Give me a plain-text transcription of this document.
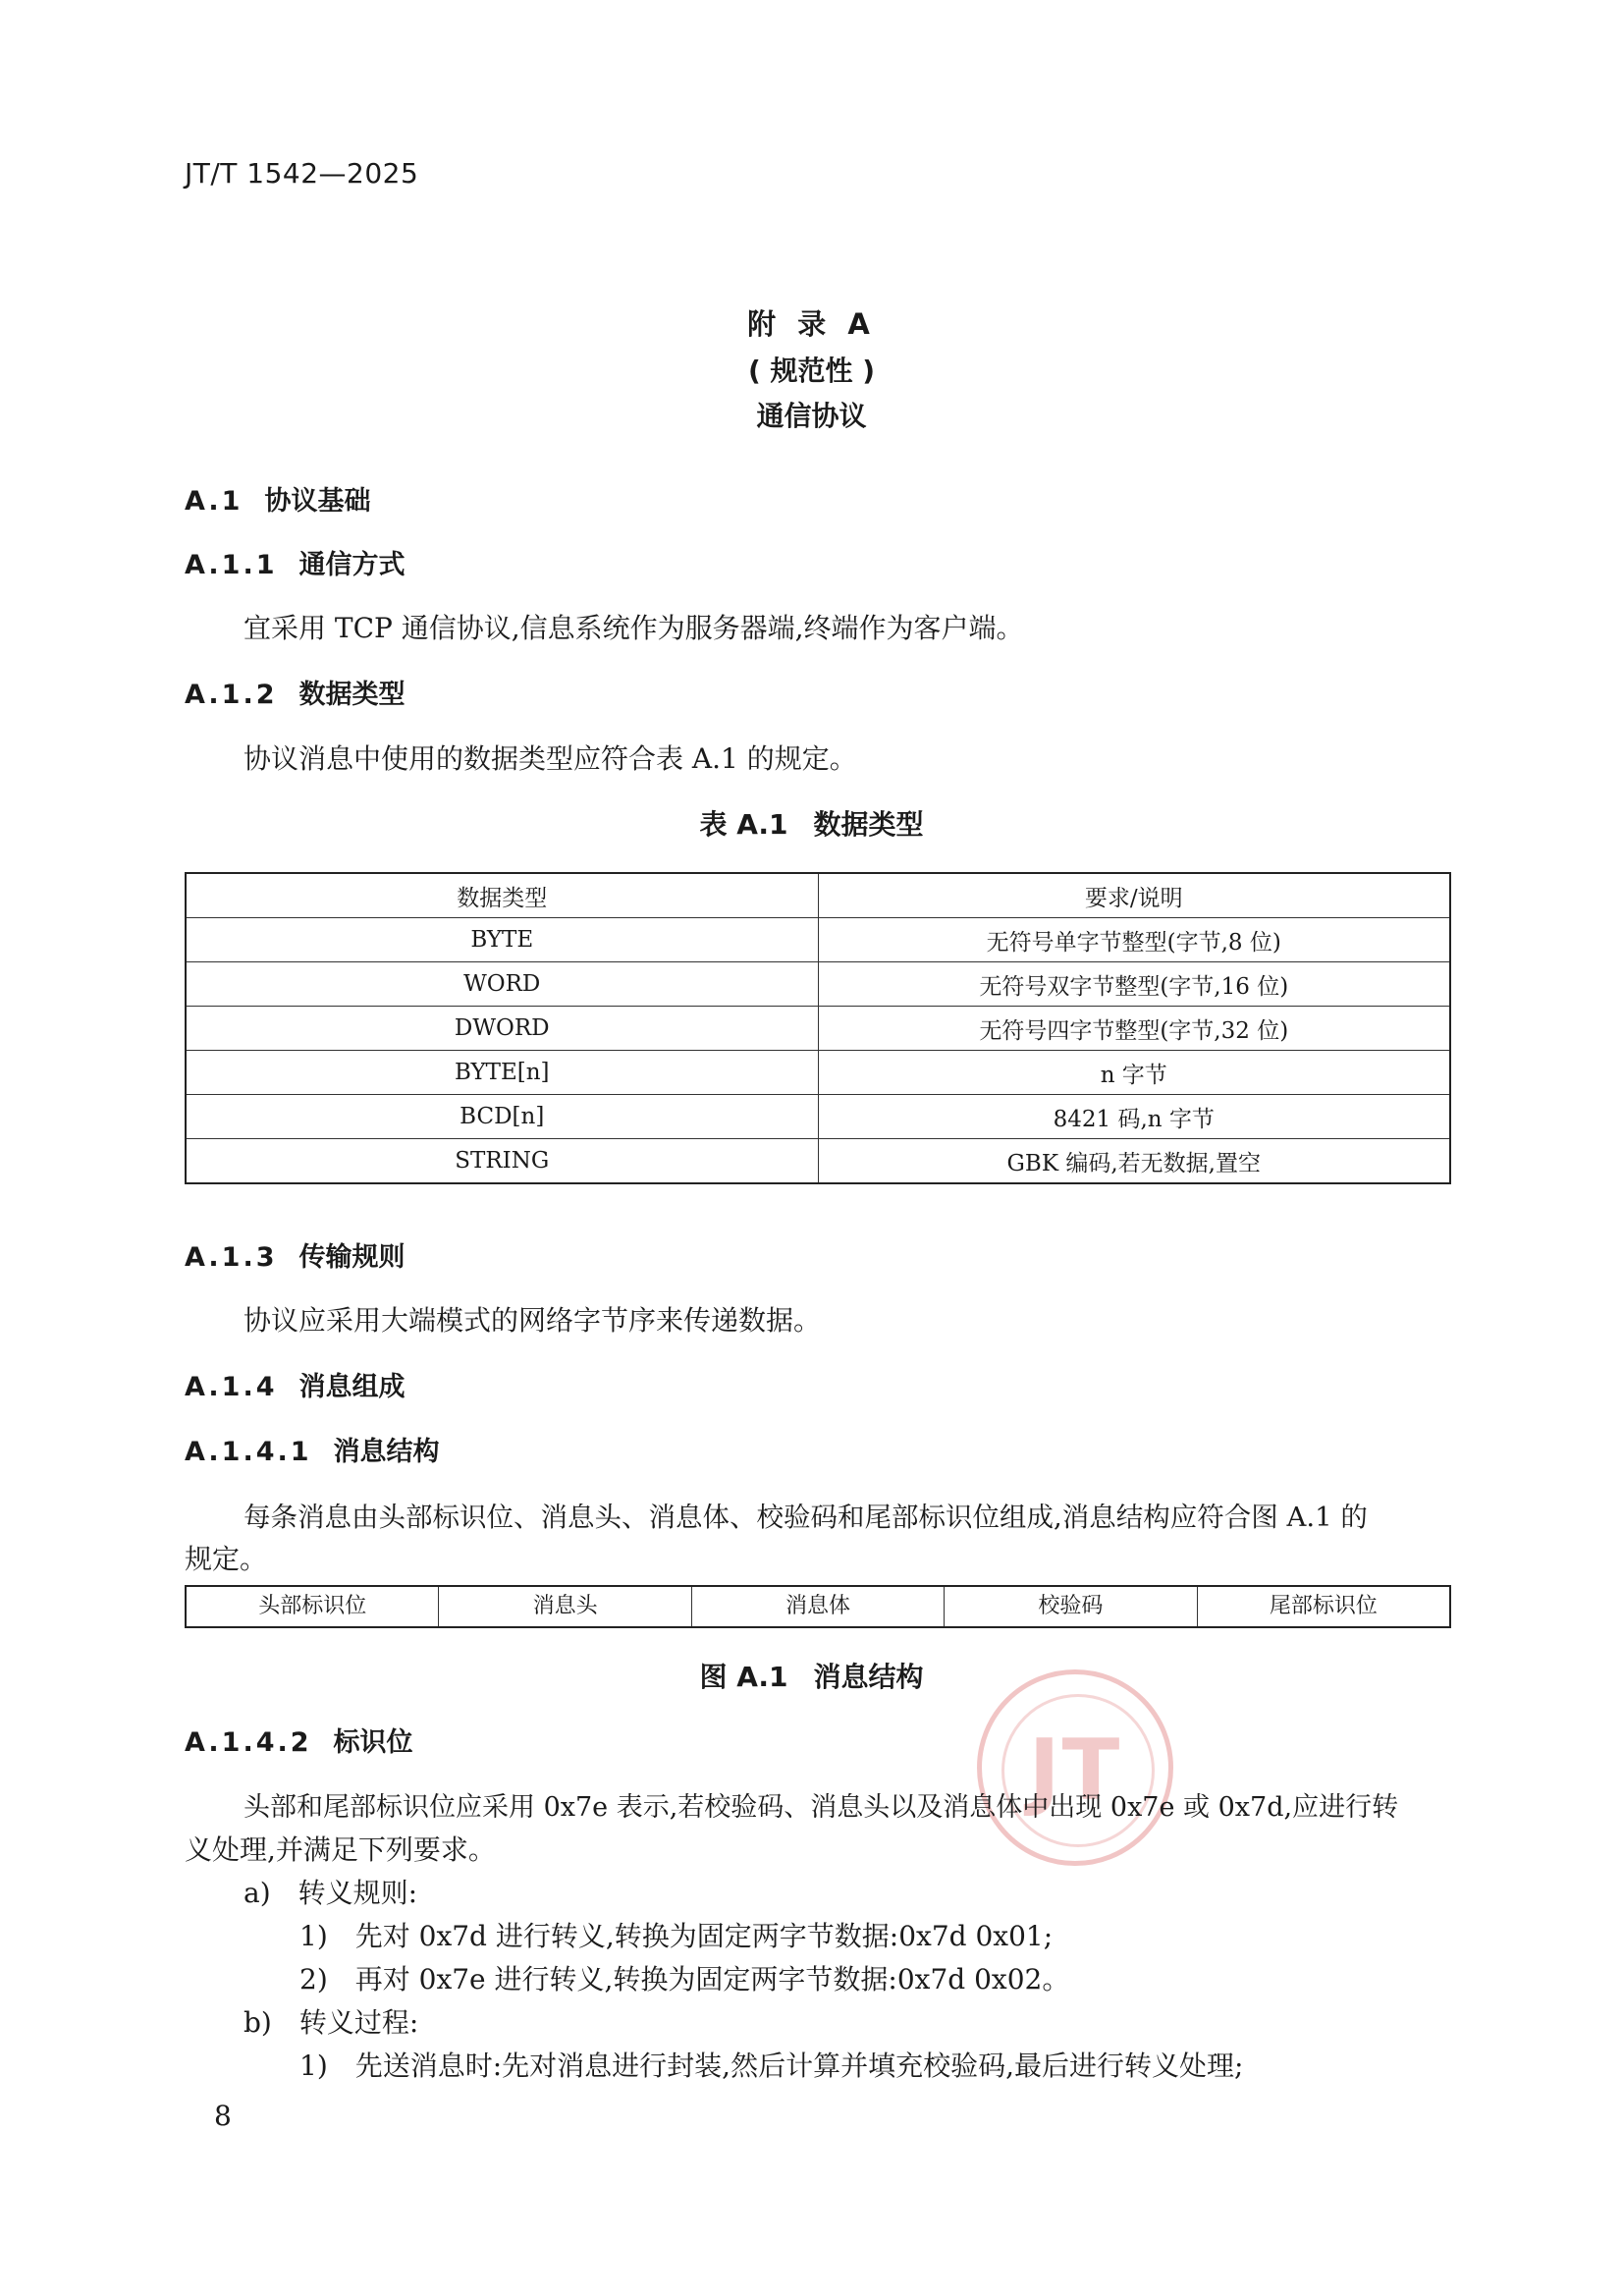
JT/T 1542—2025
附 录 A
( 规范性 )
通信协议
A.1 协议基础
A.1.1 通信方式
宜采用 TCP 通信协议,信息系统作为服务器端,终端作为客户端。
A.1.2 数据类型
协议消息中使用的数据类型应符合表 A.1 的规定。
表 A.1 数据类型
数据类型	要求/说明
BYTE	无符号单字节整型(字节,8 位)
WORD	无符号双字节整型(字节,16 位)
DWORD	无符号四字节整型(字节,32 位)
BYTE[n]	n 字节
BCD[n]	8421 码,n 字节
STRING	GBK 编码,若无数据,置空
A.1.3 传输规则
协议应采用大端模式的网络字节序来传递数据。
A.1.4 消息组成
A.1.4.1 消息结构
每条消息由头部标识位、消息头、消息体、校验码和尾部标识位组成,消息结构应符合图 A.1 的
规定。
头部标识位	消息头	消息体	校验码	尾部标识位
图 A.1 消息结构
JT
A.1.4.2 标识位
头部和尾部标识位应采用 0x7e 表示,若校验码、消息头以及消息体中出现 0x7e 或 0x7d,应进行转
义处理,并满足下列要求。
a)　转义规则:
1)　先对 0x7d 进行转义,转换为固定两字节数据:0x7d 0x01;
2)　再对 0x7e 进行转义,转换为固定两字节数据:0x7d 0x02。
b)　转义过程:
1)　先送消息时:先对消息进行封装,然后计算并填充校验码,最后进行转义处理;
8
